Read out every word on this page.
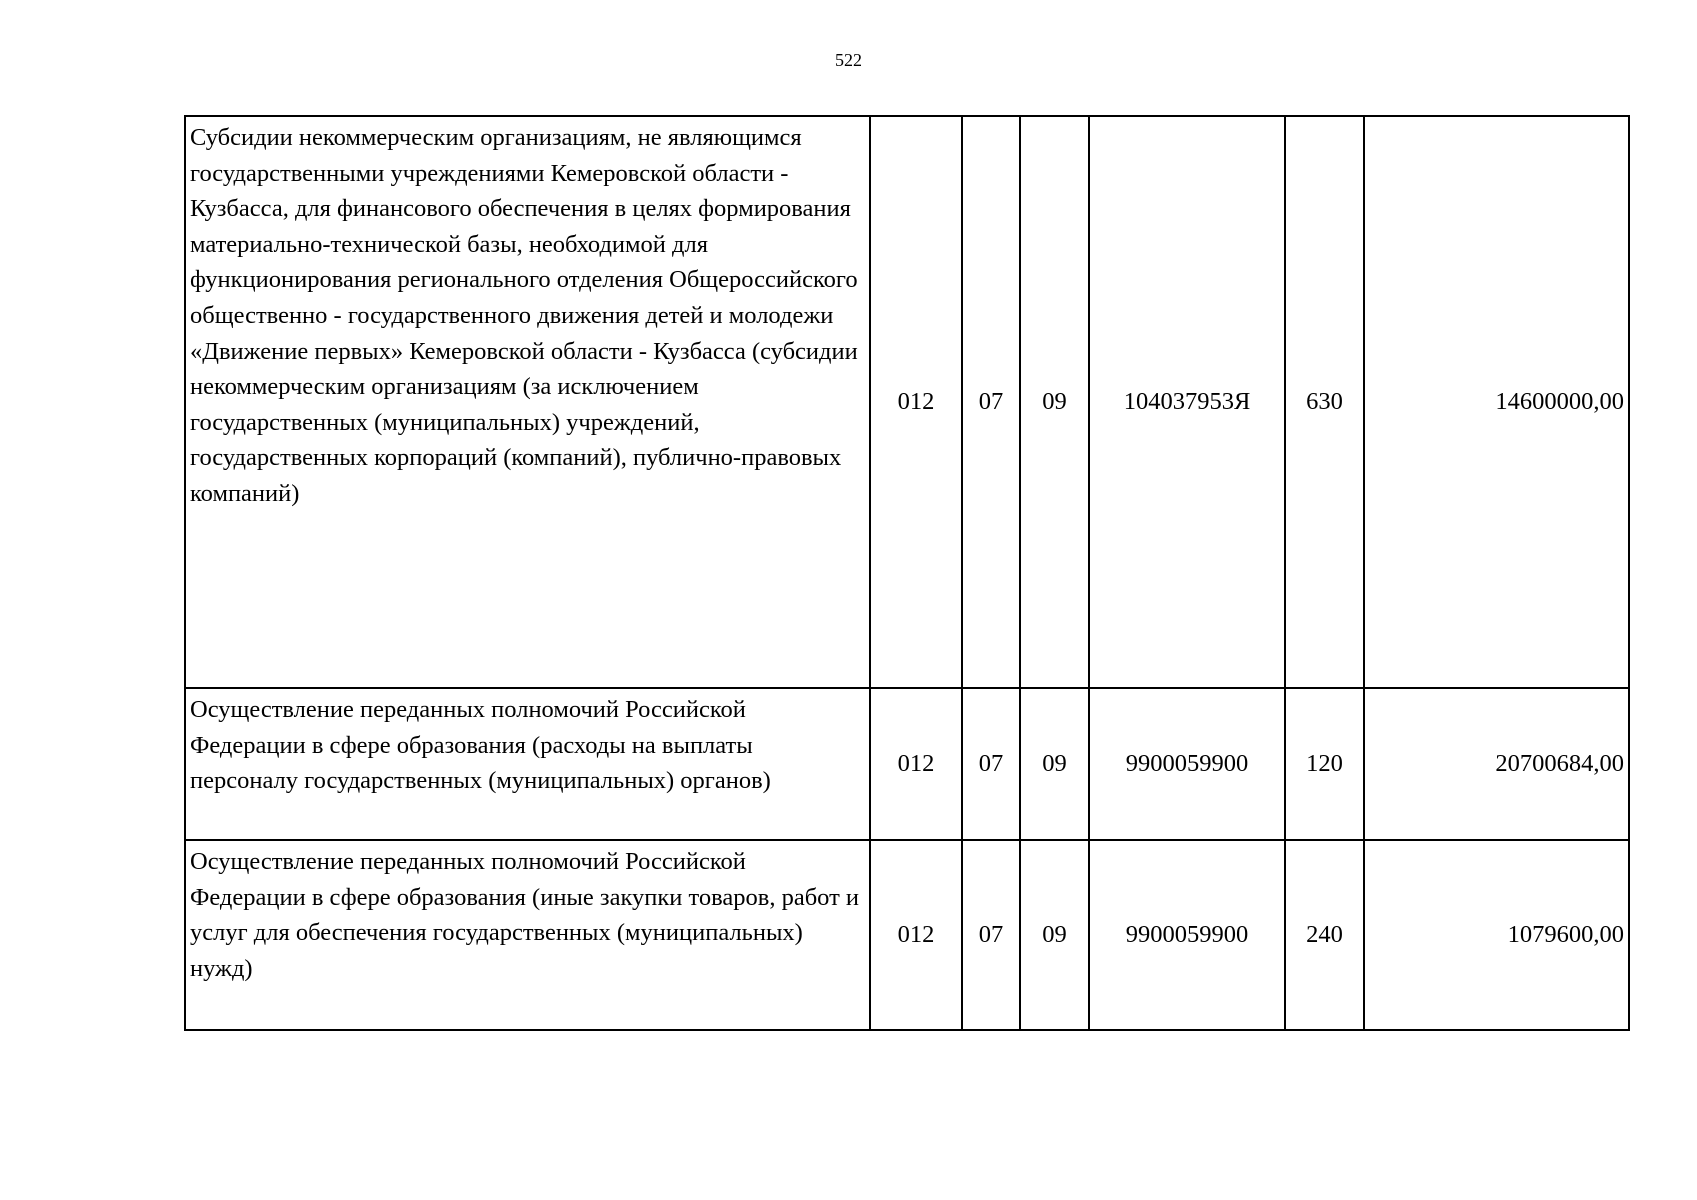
522
Субсидии некоммерческим организациям, не являющимся государственными учреждениями Кемеровской области - Кузбасса, для финансового обеспечения в целях формирования материально-технической базы, необходимой для функционирования регионального отделения Общероссийского общественно - государственного движения детей и молодежи «Движение первых» Кемеровской области - Кузбасса (субсидии некоммерческим организациям (за исключением государственных (муниципальных) учреждений, государственных корпораций (компаний), публично-правовых компаний)	012	07	09	104037953Я	630	14600000,00
Осуществление переданных полномочий Российской Федерации в сфере образования (расходы на выплаты персоналу государственных (муниципальных) органов)	012	07	09	9900059900	120	20700684,00
Осуществление переданных полномочий Российской Федерации в сфере образования (иные закупки товаров, работ и услуг для обеспечения государственных (муниципальных) нужд)	012	07	09	9900059900	240	1079600,00
